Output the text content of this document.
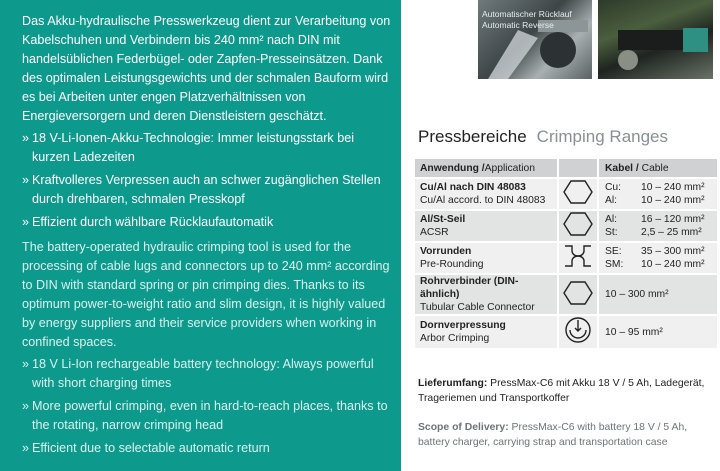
Das Akku-hydraulische Presswerkzeug dient zur Verarbeitung von Kabelschuhen und Verbindern bis 240 mm² nach DIN mit handelsüblichen Federbügel- oder Zapfen-Presseinsätzen. Dank des optimalen Leistungsgewichts und der schmalen Bauform wird es bei Arbeiten unter engen Platzverhältnissen von Energieversorgern und deren Dienstleistern geschätzt.

» 18 V-Li-Ionen-Akku-Technologie: Immer leistungsstark bei kurzen Ladezeiten
» Kraftvolleres Verpressen auch an schwer zugänglichen Stellen durch drehbaren, schmalen Presskopf
» Effizient durch wählbare Rücklaufautomatik

The battery-operated hydraulic crimping tool is used for the processing of cable lugs and connectors up to 240 mm² according to DIN with standard spring or pin crimping dies. Thanks to its optimum power-to-weight ratio and slim design, it is highly valued by energy suppliers and their service providers when working in confined spaces.

» 18 V Li-Ion rechargeable battery technology: Always powerful with short charging times
» More powerful crimping, even in hard-to-reach places, thanks to the rotating, narrow crimping head
» Efficient due to selectable automatic return
Automatischer Rücklauf
Automatic Reverse
Pressbereiche Crimping Ranges
Anwendung /Application		Kabel / Cable
Cu/Al nach DIN 48083
Cu/Al accord. to DIN 48083		Cu: 10 – 240 mm²
Al: 10 – 240 mm²

Al/St-Seil
ACSR		Al: 16 – 120 mm²
St: 2,5 – 25 mm²

Vorrunden
Pre-Rounding		SE: 35 – 300 mm²
SM: 10 – 240 mm²

Rohrverbinder (DIN-ähnlich)
Tubular Cable Connector		10 – 300 mm²
Dornverpressung
Arbor Crimping		10 – 95 mm²
Lieferumfang: PressMax-C6 mit Akku 18 V / 5 Ah, Ladegerät, Trageriemen und Transportkoffer
Scope of Delivery: PressMax-C6 with battery 18 V / 5 Ah, battery charger, carrying strap and transportation case
